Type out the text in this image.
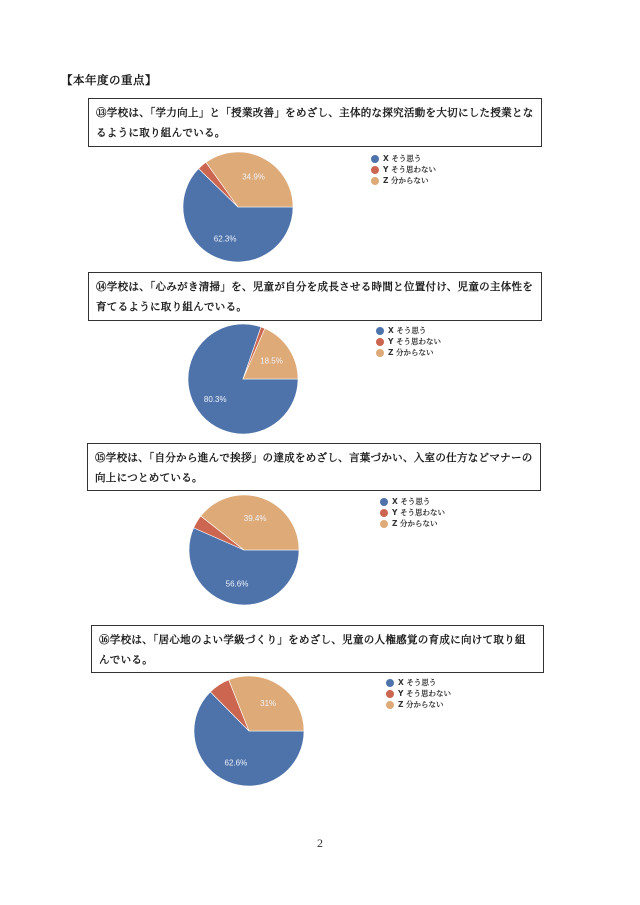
【本年度の重点】
⑬学校は、「学力向上」と「授業改善」をめざし、主体的な探究活動を大切にした授業となるように取り組んでいる。
62.3%
34.9%
X そう思う
Y そう思わない
Z 分からない
⑭学校は、「心みがき清掃」を、児童が自分を成長させる時間と位置付け、児童の主体性を育てるように取り組んでいる。
80.3%
18.5%
X そう思う
Y そう思わない
Z 分からない
⑮学校は、「自分から進んで挨拶」の達成をめざし、言葉づかい、入室の仕方などマナーの向上につとめている。
56.6%
39.4%
X そう思う
Y そう思わない
Z 分からない
⑯学校は、「居心地のよい学級づくり」をめざし、児童の人権感覚の育成に向けて取り組んでいる。
62.6%
31%
X そう思う
Y そう思わない
Z 分からない
2
